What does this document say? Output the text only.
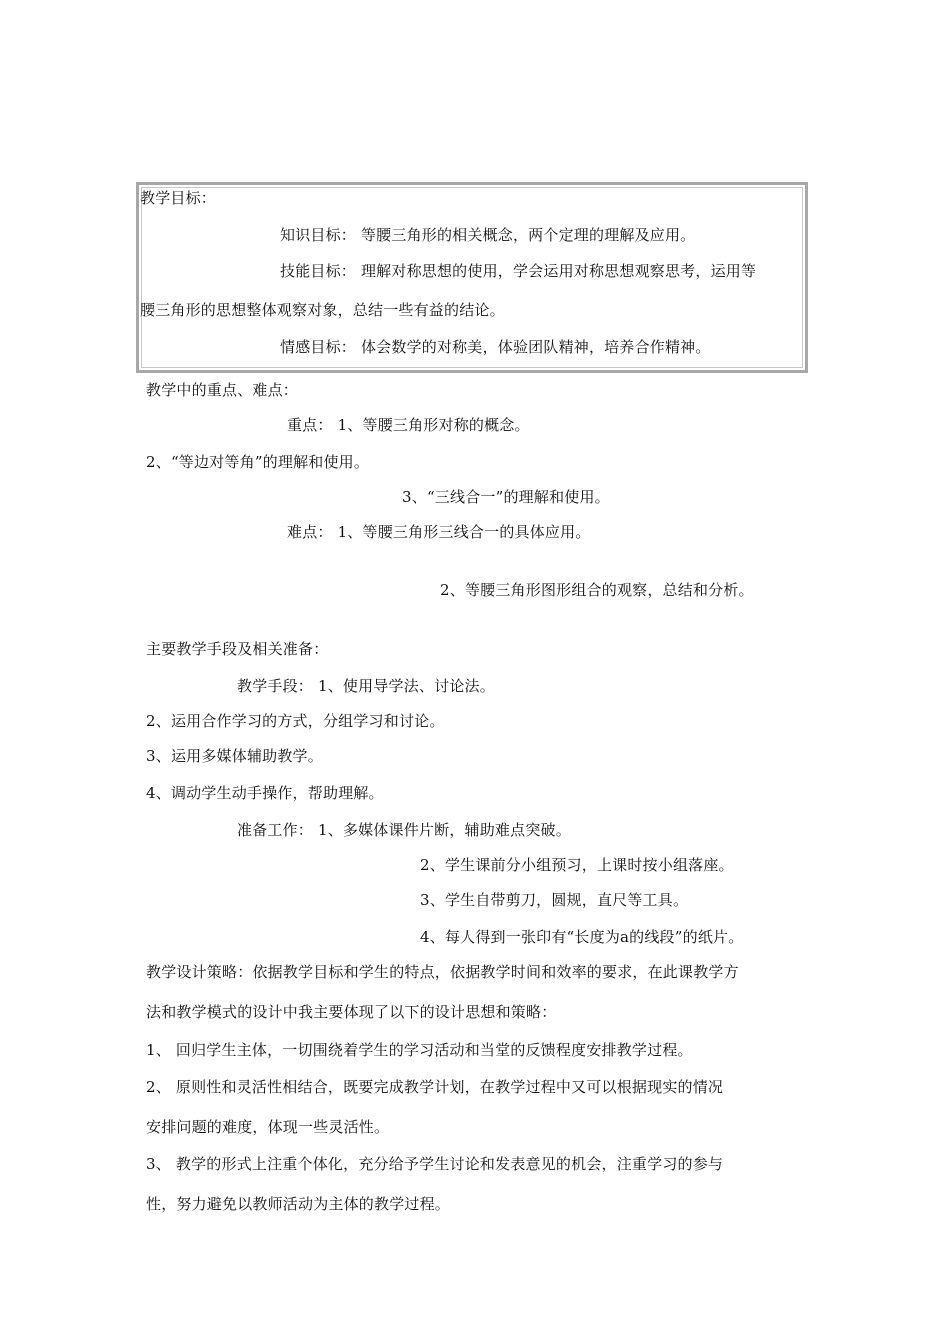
教学目标：
知识目标： 等腰三角形的相关概念，两个定理的理解及应用。
技能目标： 理解对称思想的使用，学会运用对称思想观察思考，运用等
腰三角形的思想整体观察对象，总结一些有益的结论。
情感目标： 体会数学的对称美，体验团队精神，培养合作精神。
教学中的重点、难点：
重点： 1、等腰三角形对称的概念。
2、“等边对等角”的理解和使用。
3、“三线合一”的理解和使用。
难点： 1、等腰三角形三线合一的具体应用。
2、等腰三角形图形组合的观察，总结和分析。
主要教学手段及相关准备：
教学手段： 1、使用导学法、讨论法。
2、运用合作学习的方式，分组学习和讨论。
3、运用多媒体辅助教学。
4、调动学生动手操作，帮助理解。
准备工作： 1、多媒体课件片断，辅助难点突破。
2、学生课前分小组预习，上课时按小组落座。
3、学生自带剪刀，圆规，直尺等工具。
4、每人得到一张印有“长度为a的线段”的纸片。
教学设计策略：依据教学目标和学生的特点，依据教学时间和效率的要求，在此课教学方
法和教学模式的设计中我主要体现了以下的设计思想和策略：
1、 回归学生主体，一切围绕着学生的学习活动和当堂的反馈程度安排教学过程。
2、 原则性和灵活性相结合，既要完成教学计划，在教学过程中又可以根据现实的情况
安排问题的难度，体现一些灵活性。
3、 教学的形式上注重个体化，充分给予学生讨论和发表意见的机会，注重学习的参与
性，努力避免以教师活动为主体的教学过程。
